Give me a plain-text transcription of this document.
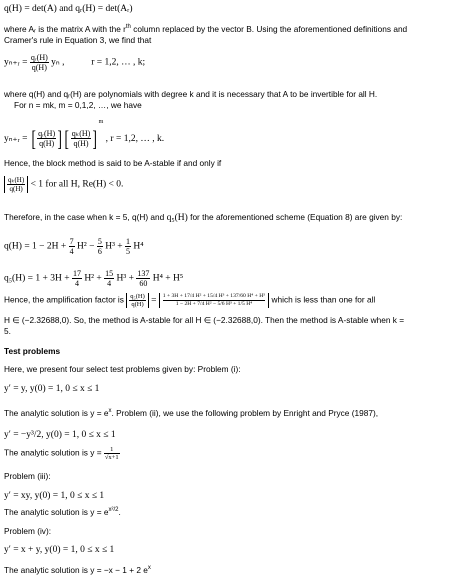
q(H) = det(A) and qᵣ(H) = det(Aᵣ)
where Aᵣ is the matrix A with the $r^{th}$ column replaced by the vector B. Using the aforementioned definitions and
Cramer's rule in Equation 3, we find that
yₙ₊ᵣ = $\frac{\text{qᵣ(H)}}{q(H)}$ yₙ ,	r = 1,2, … , k;
where q(H) and qᵣ(H) are polynomials with degree k and it is necessary that A to be invertible for all H.
For n = mk, m = 0,1,2, …, we have
yₙ₊ᵣ = [ $\frac{\text{qᵣ(H)}}{q(H)}$ ] [ $\frac{\text{qₖ(H)}}{q(H)} ]^m$ , r = 1,2, … , k.
Hence, the block method is said to be A-stable if and only if
$\frac{\text{qₖ(H)}}{q(H)} < 1$ for all H, Re(H) < 0.
Therefore, in the case when k = 5, q(H) and q₅(H) for the aforementioned scheme (Equation 8) are given by:
$q(H) = 1 - 2H + \frac{7}{4} H^2 - \frac{5}{6} H^3 + \frac{1}{5} H^4$
$q_5(H) = 1 + 3H + \frac{17}{4} H^2 + \frac{15}{4} H^3 + \frac{137}{60} H^4 + H^5$
Hence, the amplification factor is $\frac{\text{q₅(H)}}{q(H)} = \frac{\text{1 + 3H + 17/4 H² + 15/4 H³ + 137/60 H⁴ + H⁵}}{\text{1 − 2H + 7/4 H² − 5/6 H³ + 1/5 H⁴}}$ which is less than one for all
H ∈ (−2.32688,0). So, the method is A-stable for all H ∈ (−2.32688,0). Then the method is A-stable when k =
5.
Test problems
Here, we present four select test problems given by: Problem (i):
y′ = y, y(0) = 1, 0 ≤ x ≤ 1
The analytic solution is $y = e^x$. Problem (ii), we use the following problem by Enright and Pryce (1987),
y′ = −y³/2, y(0) = 1, 0 ≤ x ≤ 1
The analytic solution is $y = \frac{1}{√x+1}$
Problem (iii):
y′ = xy, y(0) = 1, 0 ≤ x ≤ 1
The analytic solution is $y = e^{x^2/2}$.
Problem (iv):
y′ = x + y, y(0) = 1, 0 ≤ x ≤ 1
The analytic solution is y = −x − 1 + 2 $e^x$
